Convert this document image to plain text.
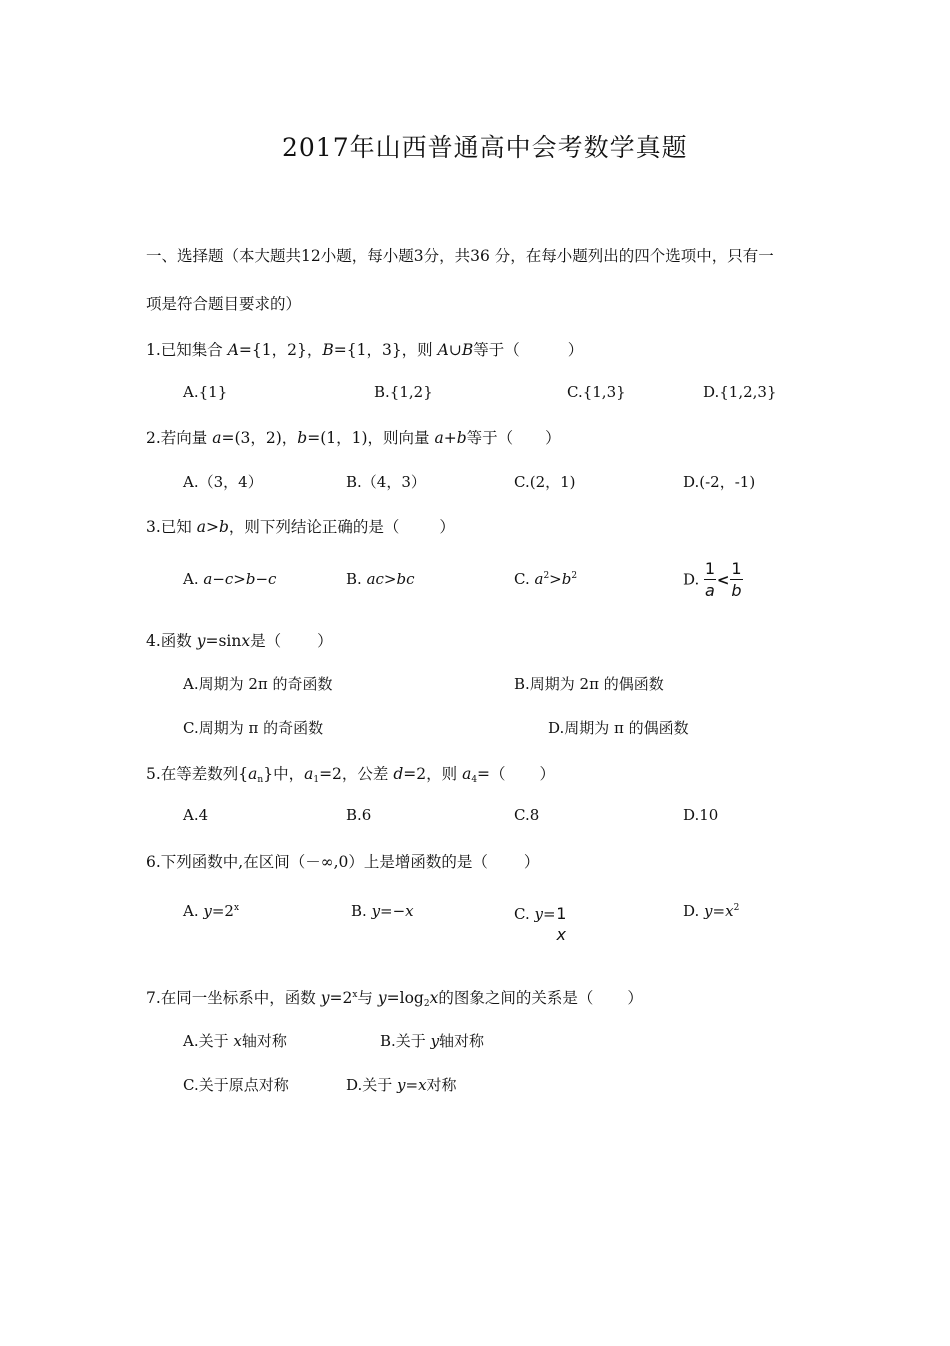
2017年山西普通高中会考数学真题
一、选择题（本大题共12小题，每小题3分，共36 分，在每小题列出的四个选项中，只有一
项是符合题目要求的）
1.已知集合 A={1，2}，B={1，3}，则 A∪B等于（	）
A.{1}	B.{1,2}	C.{1,3}	D.{1,2,3}
2.若向量 a=(3，2)，b=(1，1)，则向量 a+b等于（ ）
A.（3，4）	B.（4，3）	C.(2，1)	D.(-2，-1)
3.已知 a>b，则下列结论正确的是（	）
A. a−c>b−c	B. ac>bc	C. $a^2>b^2$	D. $\frac{1}{a} < \frac{1}{b}$
4.函数 y=sinx是（ ）
A.周期为 2π 的奇函数	B.周期为 2π 的偶函数
C.周期为 π 的奇函数	D.周期为 π 的偶函数
5.在等差数列$\{a_n\}$中，$a_1=2$，公差 d=2，则 $a_4=$（ ）
A.4	B.6	C.8	D.10
6.下列函数中,在区间（－∞,0）上是增函数的是（ ）
A. $y=2^x$	B. y=−x	C. y= 1
x
D. $y=x^2$
7.在同一坐标系中，函数 $y=2^x$与 $y=\log_2x$的图象之间的关系是（ ）
A.关于 x轴对称	B.关于 y轴对称
C.关于原点对称	D.关于 y=x对称
